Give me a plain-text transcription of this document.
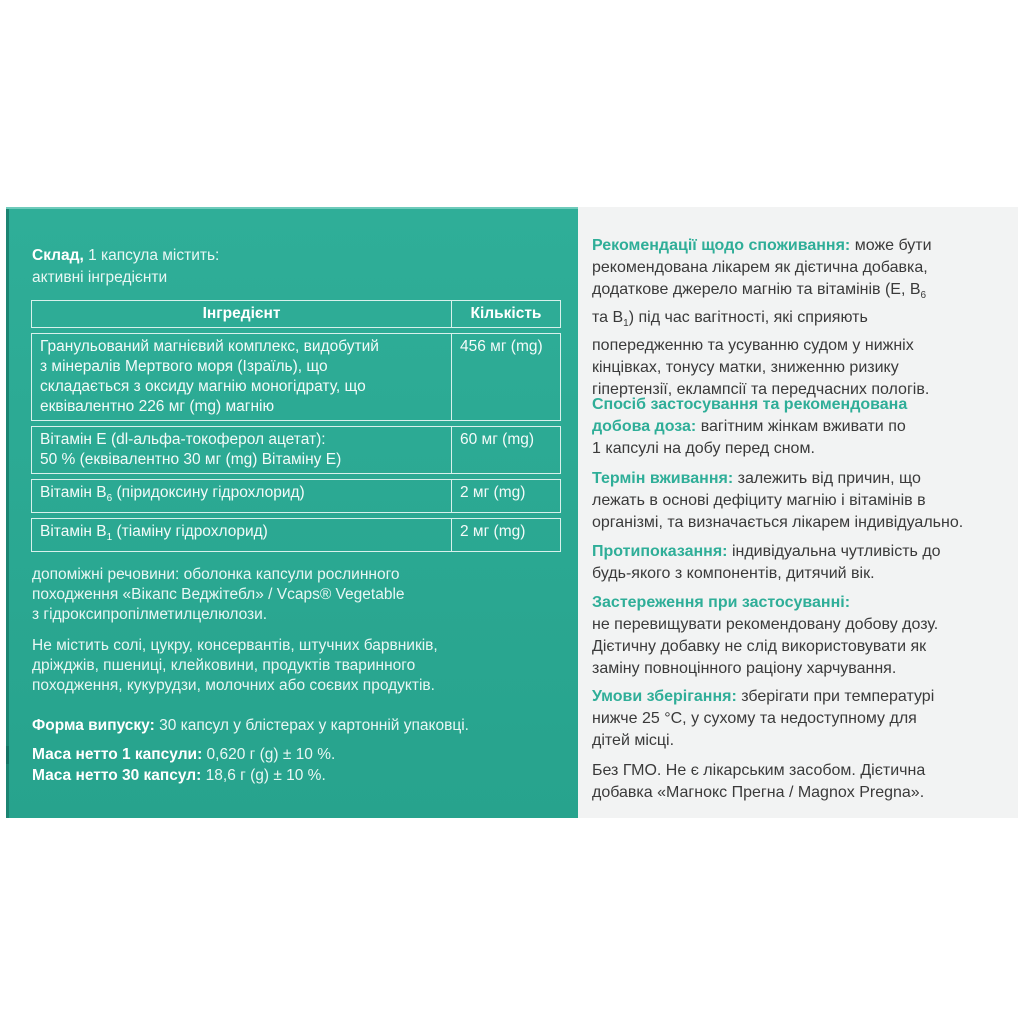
Склад, 1 капсула містить:
активні інгредієнти
Інгредієнт	Кількість

Гранульований магнієвий комплекс, видобутий
з мінералів Мертвого моря (Ізраїль), що
складається з оксиду магнію моногідрату, що
еквівалентно 226 мг (mg) магнію	456 мг (mg)

Вітамін Е (dl-альфа-токоферол ацетат):
50 % (еквівалентно 30 мг (mg) Вітаміну Е)	60 мг (mg)
Вітамін $В_6$ (піридоксину гідрохлорид)	2 мг (mg)
Вітамін $В_1$ (тіаміну гідрохлорид)	2 мг (mg)
допоміжні речовини: оболонка капсули рослинного
походження «Вікапс Веджітебл» / Vcaps® Vegetable
з гідроксипропілметилцелюлози.
Не містить солі, цукру, консервантів, штучних барвників,
дріжджів, пшениці, клейковини, продуктів тваринного
походження, кукурудзи, молочних або соєвих продуктів.
Форма випуску: 30 капсул у блістерах у картонній упаковці.
Маса нетто 1 капсули: 0,620 г (g) ± 10 %.
Маса нетто 30 капсул: 18,6 г (g) ± 10 %.
Рекомендації щодо споживання: може бути
рекомендована лікарем як дієтична добавка,
додаткове джерело магнію та вітамінів (Е, $В_6$
та $В_1$) під час вагітності, які сприяють
попередженню та усуванню судом у нижніх
кінцівках, тонусу матки, зниженню ризику
гіпертензії, еклампсії та передчасних пологів.
Спосіб застосування та рекомендована
добова доза: вагітним жінкам вживати по
1 капсулі на добу перед сном.
Термін вживання: залежить від причин, що
лежать в основі дефіциту магнію і вітамінів в
організмі, та визначається лікарем індивідуально.
Протипоказання: індивідуальна чутливість до
будь-якого з компонентів, дитячий вік.
Застереження при застосуванні:
не перевищувати рекомендовану добову дозу.
Дієтичну добавку не слід використовувати як
заміну повноцінного раціону харчування.
Умови зберігання: зберігати при температурі
нижче 25 °С, у сухому та недоступному для
дітей місці.
Без ГМО. Не є лікарським засобом. Дієтична
добавка «Магнокс Прегна / Magnox Pregna».
